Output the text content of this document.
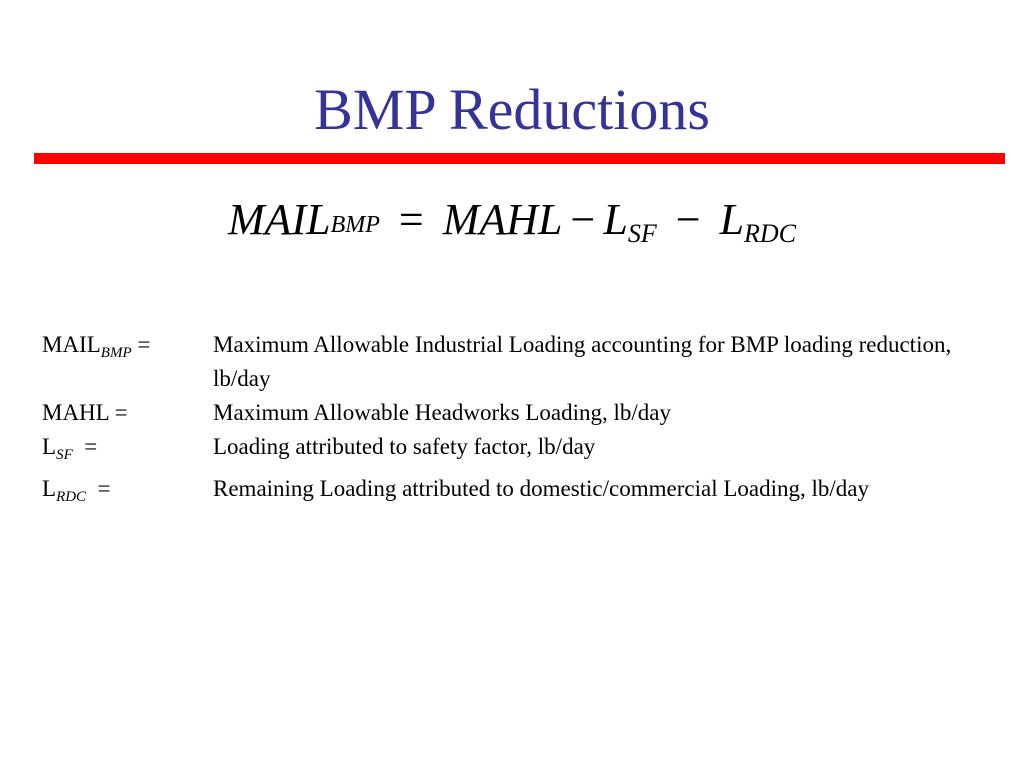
BMP Reductions
MAILBMP = MAHL − $L_{SF} - L_{RDC}$
$MAIL_{BMP}$ =	Maximum Allowable Industrial Loading accounting for BMP loading reduction, lb/day
MAHL =	Maximum Allowable Headworks Loading, lb/day
$L_{SF}$  =	Loading attributed to safety factor, lb/day
$L_{RDC}$  =	Remaining Loading attributed to domestic/commercial Loading, lb/day
